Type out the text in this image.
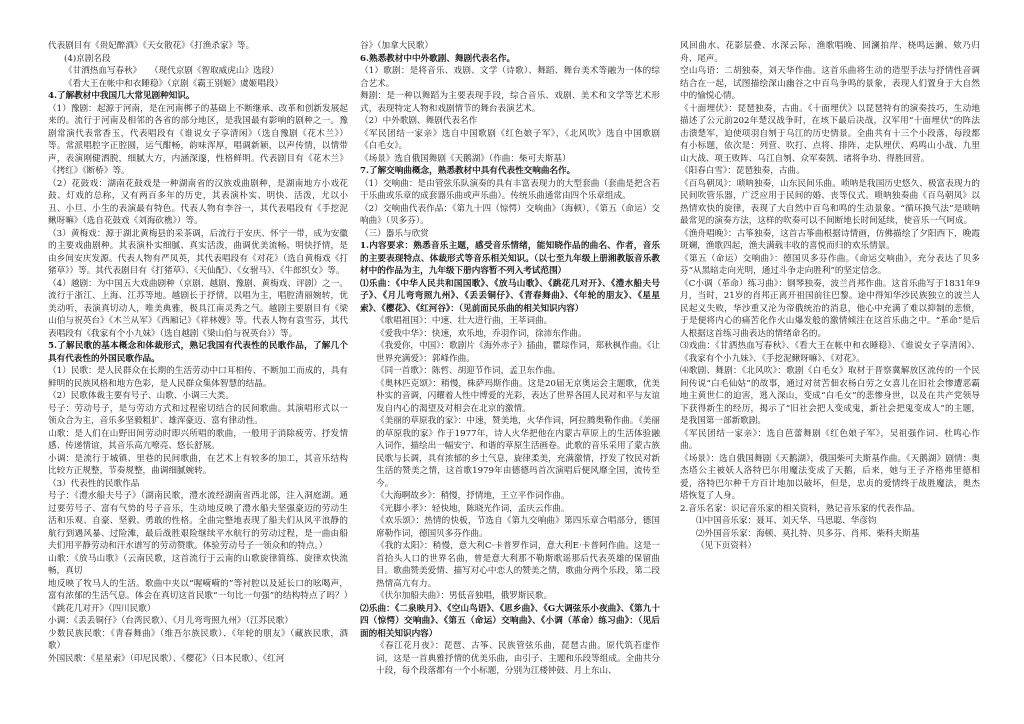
代表剧目有《贵妃醉酒》《天女散花》《打渔杀家》等。

(4)京剧名段

《甘洒热血写春秋》　　（现代京剧《智取威虎山》选段）

《看大王在帐中和衣睡稳》（京剧《霸王别姬》虞姬唱段）

4.了解教材中我国几大常见剧种知识。

（1）豫剧：起源于河南，是在河南梆子的基础上不断继承、改革和创新发展起来的。流行于河南及相邻的各省的部分地区，是我国最有影响的剧种之一。豫剧常演代表常香玉，代表唱段有《谁说女子享清闲》（选自豫剧《花木兰》）等。常派唱腔字正腔圆，运气酣畅，韵味浑厚，唱调新颖，以声传情，以情带声，表演刚健洒脱，细腻大方，内涵深邃，性格鲜明。代表剧目有《花木兰》《拷红》《断桥》等。

（2）花鼓戏：湖南花鼓戏是一种湖南省的汉族戏曲剧种，是湖南地方小戏花鼓、灯戏的总称，又有两百多年的历史，其表演朴实、明快、活泼，尤以小丑、小旦、小生的表演最有特色。代表人物有李谷一，其代表唱段有《手挖泥鳅呀嘛》（选自花鼓戏《刘海砍樵》）等。

（3）黄梅戏：源于湖北黄梅县的采茶调，后流行于安庆、怀宁一带，成为安徽的主要戏曲剧种。其表演朴实细腻、真实活泼，曲调优美流畅、明快抒情，是由乡间安庆发源。代表人物有严凤英，其代表唱段有《对花》（选自黄梅戏《打猪草》）等。其代表剧目有《打猪草》、《天仙配》、《女驸马》、《牛郎织女》等。

（4）越剧：为中国五大戏曲剧种（京剧、越剧、豫剧、黄梅戏、评剧）之一。流行于浙江、上海、江苏等地。越剧长于抒情，以唱为主，唱腔清丽婉转，优美动听，表演真切动人，唯美典雅，极具江南灵秀之气。越剧主要剧目有《梁山伯与祝英台》《木兰从军》《西厢记》《祥林嫂》等。代表人物有袁雪芬，其代表唱段有《我家有个小九妹》（选自越剧《梁山伯与祝英台》）等。

5.了解民歌的基本概念和体裁形式，熟记我国有代表性的民歌作品，了解几个具有代表性的外国民歌作品。

（1）民歌：是人民群众在长期的生活劳动中口耳相传、不断加工而成的，具有鲜明的民族风格和地方色彩，是人民群众集体智慧的结晶。

（2）民歌体裁主要有号子、山歌、小调三大类。

号子：劳动号子，是与劳动方式和过程密切结合的民间歌曲。其演唱形式以一领众合为主，音乐多坚毅粗犷、雄浑豪迈、富有律动性。

山歌：是人们在山野田间劳动时即兴所唱的歌曲，一般用于消除疲劳、抒发情感、传递情谊，其音乐高亢嘹亮、悠长舒展。

小调：是流行于城镇、里巷的民间歌曲，在艺术上有较多的加工，其音乐结构比较方正规整，节奏规整，曲调细腻婉转。

（3）代表性的民歌作品

号子：《澧水船夫号子》（湖南民歌，澧水流经湖南省西北部，注入洞庭湖。通过要劳号子、富有气势的号子音乐，生动地反映了澧水船夫坚强豪迈的劳动生活和乐观、自豪、坚毅、勇敢的性格。全曲完整地表现了船夫们从风平浪静的航行到遇风暴、过险滩，最后战胜艰险继续平水航行的劳动过程，是一曲由船夫们用平静劳动和汗水谱写的劳动赞歌。体验劳动号子一领众和的特点。）

山歌：《放马山歌》（云南民歌，这首流行于云南的山歌旋律简练、旋律欢快流畅，真切

地反映了牧马人的生活。歌曲中夹以“喔嗬嗬的”等衬腔以及延长口的吆喝声，富有浓郁的生活气息。体会在真切这首民歌“一句比一句强”的结构特点了吗？）《跳花几对开》（四川民歌）

小调：《丢丢铜仔》（台湾民歌）、《月儿弯弯照九州》（江苏民歌）

少数民族民歌：《青春舞曲》（维吾尔族民歌）、《年轮的朋友》（藏族民歌，酒歌）

外国民歌：《星星索》（印尼民歌）、《樱花》（日本民歌）、《红河

谷》（加拿大民歌）

6.熟悉教材中中外歌剧、舞剧代表名作。

（1）歌剧：是将音乐、戏剧、文学（诗歌）、舞蹈、舞台美术等融为一体的综合艺术。

舞剧：是一种以舞蹈为主要表现手段，综合音乐、戏剧、美术和文学等艺术形式，表现特定人物和戏剧情节的舞台表演艺术。

（2）中外歌剧、舞剧代表名作

《军民团结一家亲》选自中国歌剧《红色娘子军》，《北风吹》选自中国歌剧《白毛女》。

《场景》选自俄国舞剧《天鹅湖》（作曲：柴可夫斯基）

7.了解交响曲概念，熟悉教材中具有代表性交响曲名作。

（1）交响曲：是由管弦乐队演奏的具有丰富表现力的大型套曲（套曲是把含若干乐曲或乐章的成套器乐曲或声乐曲）。传统乐曲通常由四个乐章组成。

（2）交响曲代表作品：《第九十四（惊愕）交响曲》（海顿），《第五（命运）交响曲》（贝多芬）。

（三）器乐与欣赏

1.内容要求：熟悉音乐主题，感受音乐情绪，能知晓作品的曲名、作者，音乐的主要表现特点、体裁形式等音乐相关知识。（以七至九年级上册湘教版音乐教材中的作品为主，九年级下册内容暂不列入考试范围）

⑴乐曲：《中华人民共和国国歌》、《放马山歌》、《跳花几对开》、《澧水船夫号子》、《月儿弯弯照九州》、《丢丢铜仔》、《青春舞曲》、《年轮的朋友》、《星星索》、《樱花》、《红河谷》：（见前面民乐曲的相关知识内容）

《歌唱祖国》：中速、壮大进行曲，王莘词曲。

《爱我中华》：快速，欢乐地，乔羽作词，徐沛东作曲。

《我爱你，中国》：歌剧片《海外赤子》插曲，瞿琮作词，郑秋枫作曲。《让世界充满爱》：郭峰作曲。

《同一首歌》：陈哲、胡迎节作词，孟卫东作曲。

《奥林匹克颂》：稍慢，株萨玛斯作曲。这是20届无京奥运会主题歌，优美朴实的音调，闪耀着人性中博爱的光彩，表达了世界各国人民对和平与友谊发自内心的渴望及对相会在北京的激情。

《美丽的草原我的家》：中速，赞美地，火华作词，阿拉腾奥勒作曲。《美丽的草原我的家》作于1977年，诗人火华把他在内蒙古草原上的生活体验融入词作，描绘出一幅安宁、和谐的草原生活画卷。此歌的音乐采用了蒙古族民歌与长调，具有浓郁的乡土气息，旋律柔美，充满激情，抒发了牧民对新生活的赞美之情，这首歌1979年由德德玛首次演唱后便风靡全国，流传至今。

《大海啊故乡》：稍慢，抒情地，王立平作词作曲。

《光脚小孝》：轻快地，陈晓光作词，孟庆云作曲。

《欢乐颂》：热情的快板，节选自《第九交响曲》第四乐章合唱部分，德国席勒作词，德国贝多芬作曲。

《我的太阳》：稍慢，意大利C·卡普罗作词，意大利E·卡普阿作曲。这是一首拾头人口的世界名曲，曾是意大利那不勒斯歌谣那后代表英雄的保留曲目。歌曲赞美爱情、描写对心中恋人的赞美之情，歌曲分两个乐段，第二段热情高亢有力。

《伏尔加船夫曲》：男低音独唱，俄罗斯民歌。

⑵乐曲：《二泉映月》、《空山鸟语》、《思乡曲》、《G大调弦乐小夜曲》、《第九十四（惊愕）交响曲》、《第五（命运）交响曲》、《小调（革命）练习曲》：（见后面的相关知识内容）

《春江花月夜》：琵琶、古筝、民族管弦乐曲，琵琶古曲。原代筑若虚作词，这是一首典雅抒情的优美乐曲，由引子、主题和乐段等组成。全曲共分十段，每个段落都有一个小标题，分别为江楼钟鼓、月上东山、

风回曲水、花影层叠、水深云际、渔歌唱晚、回澜拍岸、桡鸣远濑、欸乃归舟、尾声。

空山鸟语：二胡独奏，刘天华作曲。这首乐曲将生动的造型手法与抒情性音调结合在一起，试图描绘深山幽谷之中百鸟争鸣的景象，表现人们置身于大自然中的愉悦心情。

《十面埋伏》：琵琶独奏，古曲。《十面埋伏》以琵琶特有的演奏技巧，生动地描述了公元前202年楚汉战争时，在垓下最后决战，汉军用“十面埋伏”的阵法击溃楚军，迫使项羽自刎于乌江的历史情景。全曲共有十三个小段落，每段都有小标题，依次是：列营、吹打、点将、排阵、走队埋伏、鸡鸣山小战、九里山大战、项王败阵、乌江自刎、众军奏凯、诸将争功、得胜回营。

《阳春白雪》：琵琶独奏，古曲。

《百鸟朝凤》：唢呐独奏，山东民间乐曲。唢呐是我国历史悠久、极富表现力的民间吹管乐器，广泛应用于民间的婚、丧等仪式。唢呐独奏曲《百鸟朝凤》以热情欢快的旋律，表现了大自然中百鸟和鸣的生动景象。“循环换气法”是唢呐最常见的演奏方法，这样的吹奏可以不间断地长时间延续，使音乐一气呵成。

《渔舟唱晚》：古筝独奏，这首古筝曲根据诗情画，仿佛描绘了夕阳西下，晚霞斑斓，渔歌四起，渔夫满载丰收的喜悦而归的欢乐情景。

《第五（命运）交响曲》：德国贝多芬作曲。《命运交响曲》，充分表达了贝多芬“从黑暗走向光明，通过斗争走向胜利”的坚定信念。

《C小调（革命）练习曲》：钢琴独奏，波兰肖邦作曲。这首乐曲写于1831年9月，当时，21岁的肖邦正离开祖国前往巴黎。途中得知华沙民族独立的波兰人民起义失败，华沙重又沦为帝俄统治的消息，他心中充满了难以抑制的悲愤，于是便将内心的痛苦化作火山爆发般的激情倾注在这首乐曲之中。“革命”是后人根据这首练习曲表达的情绪命名的。

⑶戏曲：《甘洒热血写春秋》、《看大王在帐中和衣睡稳》、《谁说女子享清闲》、《我家有个小九妹》、《手挖泥鳅呀嘛》、《对花》。

⑷歌剧、舞剧：《北风吹》：歌剧《白毛女》取材于晋察冀解放区流传的一个民间传说“白毛仙姑”的故事，通过对贫苦佃农杨白劳之女喜儿在旧社会惨遭恶霸地主黄世仁的迫害，逃入深山，变成“白毛女”的悲惨身世，以及在共产党领导下获得新生的经历，揭示了“旧社会把人变成鬼，新社会把鬼变成人”的主题，是我国第一部新歌剧。

《军民团结一家亲》：选自芭蕾舞剧《红色娘子军》，吴祖强作词、杜鸣心作曲。

《场景》：选自俄国舞剧《天鹅湖》，俄国柴可夫斯基作曲。《天鹅湖》剧情：奥杰塔公主被妖人洛特巴尔用魔法变成了天鹅，后来，她与王子齐格弗里德相爱，洛特巴尔种千方百计地加以破坏，但是，忠贞的爱情终于战胜魔法，奥杰塔恢复了人身。

2.音乐名家：识记音乐家的相关资料，熟记音乐家的代表作品。

⑴中国音乐家：聂耳、刘天华、马思聪、华彦钧

⑵外国音乐家：海顿、莫扎特、贝多芬、肖邦、柴科夫斯基

（见下页资料）
